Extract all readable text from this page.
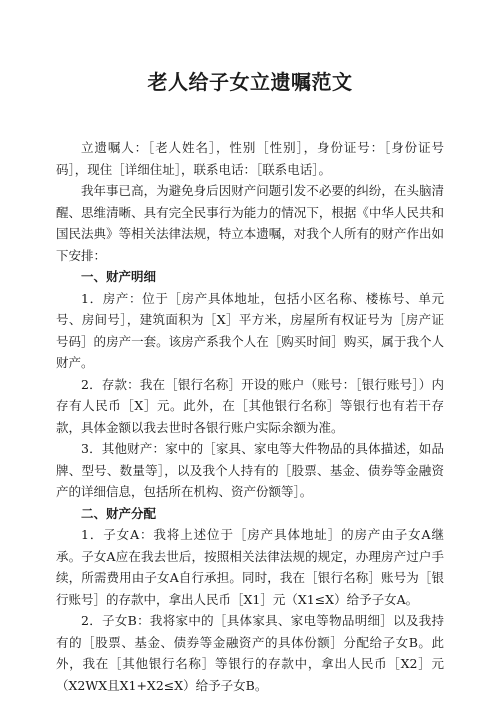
老人给子女立遗嘱范文

立遗嘱人：［老人姓名］，性别［性别］，身份证号：［身份证号码］，现住［详细住址］，联系电话：［联系电话］。

我年事已高，为避免身后因财产问题引发不必要的纠纷，在头脑清醒、思维清晰、具有完全民事行为能力的情况下，根据《中华人民共和国民法典》等相关法律法规，特立本遗嘱，对我个人所有的财产作出如下安排：

一、财产明细

1．房产：位于［房产具体地址，包括小区名称、楼栋号、单元号、房间号］，建筑面积为［X］平方米，房屋所有权证号为［房产证号码］的房产一套。该房产系我个人在［购买时间］购买，属于我个人财产。

2．存款：我在［银行名称］开设的账户（账号：［银行账号］）内存有人民币［X］元。此外，在［其他银行名称］等银行也有若干存款，具体金额以我去世时各银行账户实际余额为准。

3．其他财产：家中的［家具、家电等大件物品的具体描述，如品牌、型号、数量等］，以及我个人持有的［股票、基金、债券等金融资产的详细信息，包括所在机构、资产份额等］。

二、财产分配

1．子女A：我将上述位于［房产具体地址］的房产由子女A继承。子女A应在我去世后，按照相关法律法规的规定，办理房产过户手续，所需费用由子女A自行承担。同时，我在［银行名称］账号为［银行账号］的存款中，拿出人民币［X1］元（X1≤X）给予子女A。

2．子女B：我将家中的［具体家具、家电等物品明细］以及我持有的［股票、基金、债券等金融资产的具体份额］分配给子女B。此外，我在［其他银行名称］等银行的存款中，拿出人民币［X2］元（X2WX且X1+X2≤X）给予子女B。
